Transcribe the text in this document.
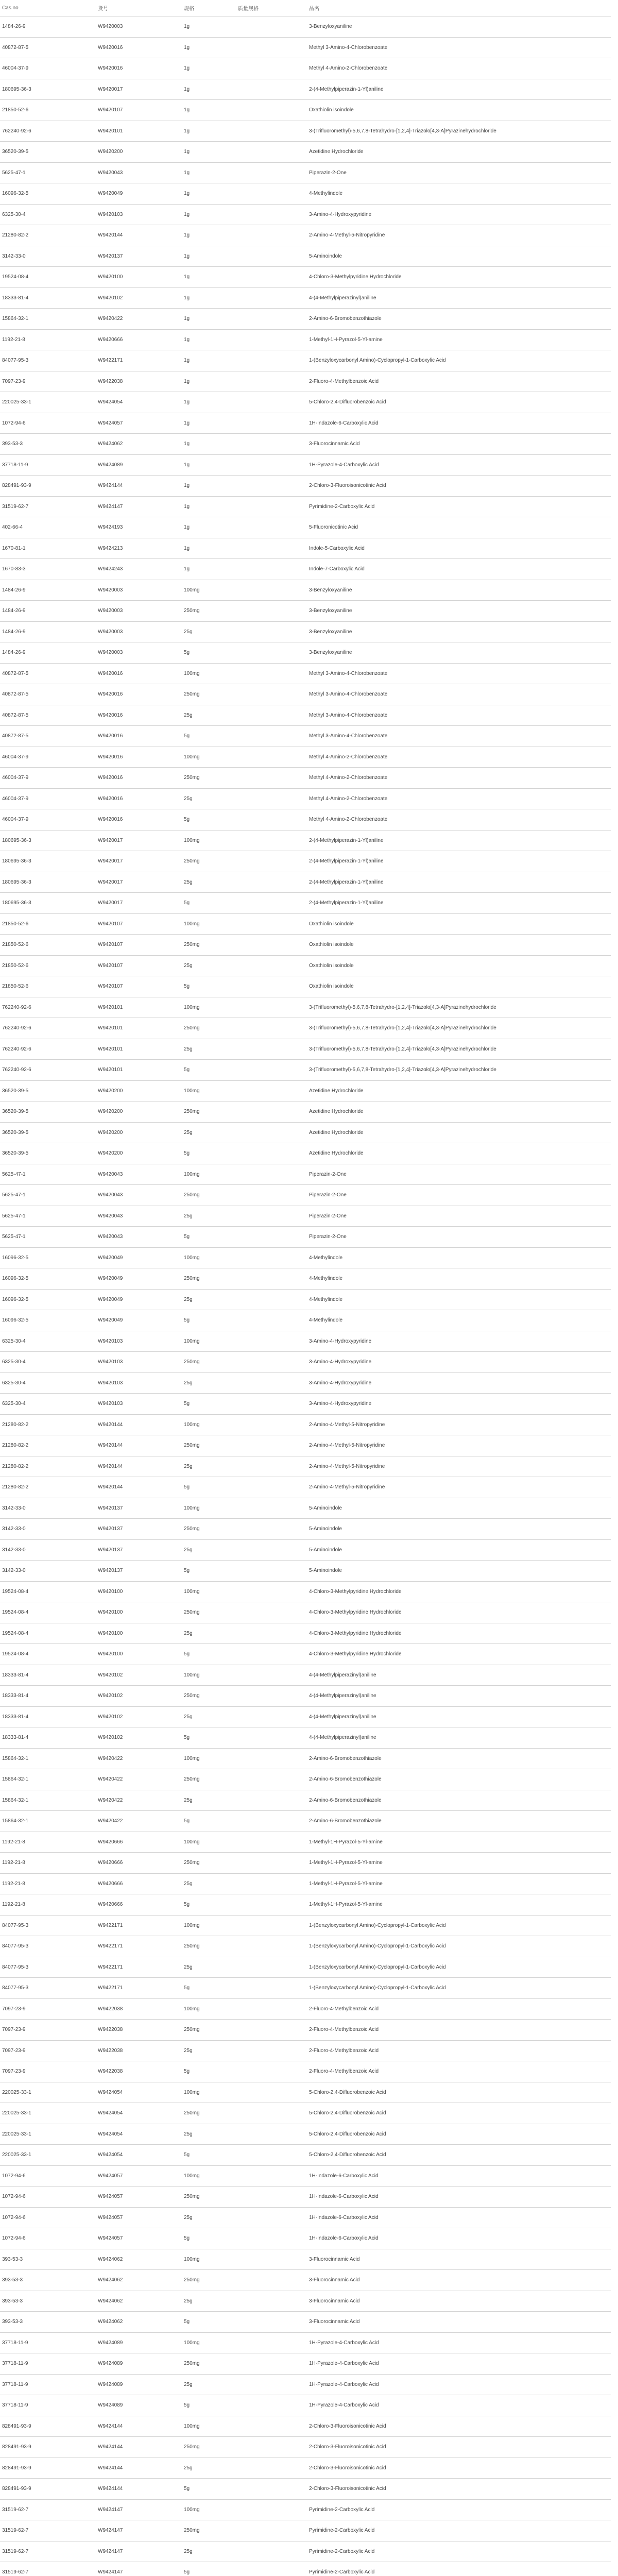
Cas.no	货号	规格	质量规格	品名
1484-26-9	W9420003	1g		3-Benzyloxyaniline
40872-87-5	W9420016	1g		Methyl 3-Amino-4-Chlorobenzoate
46004-37-9	W9420016	1g		Methyl 4-Amino-2-Chlorobenzoate
180695-36-3	W9420017	1g		2-(4-Methylpiperazin-1-Yl)aniline
21850-52-6	W9420107	1g		Oxathiolin isoindole
762240-92-6	W9420101	1g		3-(Trifluoromethyl)-5,6,7,8-Tetrahydro-[1,2,4]-Triazolo[4,3-A]Pyrazinehydrochloride
36520-39-5	W9420200	1g		Azetidine Hydrochloride
5625-47-1	W9420043	1g		Piperazin-2-One
16096-32-5	W9420049	1g		4-Methylindole
6325-30-4	W9420103	1g		3-Amino-4-Hydroxypyridine
21280-82-2	W9420144	1g		2-Amino-4-Methyl-5-Nitropyridine
3142-33-0	W9420137	1g		5-Aminoindole
19524-08-4	W9420100	1g		4-Chloro-3-Methylpyridine Hydrochloride
18333-81-4	W9420102	1g		4-(4-Methylpiperazinyl)aniline
15864-32-1	W9420422	1g		2-Amino-6-Bromobenzothiazole
1192-21-8	W9420666	1g		1-Methyl-1H-Pyrazol-5-Yl-amine
84077-95-3	W9422171	1g		1-(Benzyloxycarbonyl Amino)-Cyclopropyl-1-Carboxylic Acid
7097-23-9	W9422038	1g		2-Fluoro-4-Methylbenzoic Acid
220025-33-1	W9424054	1g		5-Chloro-2,4-Difluorobenzoic Acid
1072-94-6	W9424057	1g		1H-Indazole-6-Carboxylic Acid
393-53-3	W9424062	1g		3-Fluorocinnamic Acid
37718-11-9	W9424089	1g		1H-Pyrazole-4-Carboxylic Acid
828491-93-9	W9424144	1g		2-Chloro-3-Fluoroisonicotinic Acid
31519-62-7	W9424147	1g		Pyrimidine-2-Carboxylic Acid
402-66-4	W9424193	1g		5-Fluoronicotinic Acid
1670-81-1	W9424213	1g		Indole-5-Carboxylic Acid
1670-83-3	W9424243	1g		Indole-7-Carboxylic Acid
1484-26-9	W9420003	100mg		3-Benzyloxyaniline
1484-26-9	W9420003	250mg		3-Benzyloxyaniline
1484-26-9	W9420003	25g		3-Benzyloxyaniline
1484-26-9	W9420003	5g		3-Benzyloxyaniline
40872-87-5	W9420016	100mg		Methyl 3-Amino-4-Chlorobenzoate
40872-87-5	W9420016	250mg		Methyl 3-Amino-4-Chlorobenzoate
40872-87-5	W9420016	25g		Methyl 3-Amino-4-Chlorobenzoate
40872-87-5	W9420016	5g		Methyl 3-Amino-4-Chlorobenzoate
46004-37-9	W9420016	100mg		Methyl 4-Amino-2-Chlorobenzoate
46004-37-9	W9420016	250mg		Methyl 4-Amino-2-Chlorobenzoate
46004-37-9	W9420016	25g		Methyl 4-Amino-2-Chlorobenzoate
46004-37-9	W9420016	5g		Methyl 4-Amino-2-Chlorobenzoate
180695-36-3	W9420017	100mg		2-(4-Methylpiperazin-1-Yl)aniline
180695-36-3	W9420017	250mg		2-(4-Methylpiperazin-1-Yl)aniline
180695-36-3	W9420017	25g		2-(4-Methylpiperazin-1-Yl)aniline
180695-36-3	W9420017	5g		2-(4-Methylpiperazin-1-Yl)aniline
21850-52-6	W9420107	100mg		Oxathiolin isoindole
21850-52-6	W9420107	250mg		Oxathiolin isoindole
21850-52-6	W9420107	25g		Oxathiolin isoindole
21850-52-6	W9420107	5g		Oxathiolin isoindole
762240-92-6	W9420101	100mg		3-(Trifluoromethyl)-5,6,7,8-Tetrahydro-[1,2,4]-Triazolo[4,3-A]Pyrazinehydrochloride
762240-92-6	W9420101	250mg		3-(Trifluoromethyl)-5,6,7,8-Tetrahydro-[1,2,4]-Triazolo[4,3-A]Pyrazinehydrochloride
762240-92-6	W9420101	25g		3-(Trifluoromethyl)-5,6,7,8-Tetrahydro-[1,2,4]-Triazolo[4,3-A]Pyrazinehydrochloride
762240-92-6	W9420101	5g		3-(Trifluoromethyl)-5,6,7,8-Tetrahydro-[1,2,4]-Triazolo[4,3-A]Pyrazinehydrochloride
36520-39-5	W9420200	100mg		Azetidine Hydrochloride
36520-39-5	W9420200	250mg		Azetidine Hydrochloride
36520-39-5	W9420200	25g		Azetidine Hydrochloride
36520-39-5	W9420200	5g		Azetidine Hydrochloride
5625-47-1	W9420043	100mg		Piperazin-2-One
5625-47-1	W9420043	250mg		Piperazin-2-One
5625-47-1	W9420043	25g		Piperazin-2-One
5625-47-1	W9420043	5g		Piperazin-2-One
16096-32-5	W9420049	100mg		4-Methylindole
16096-32-5	W9420049	250mg		4-Methylindole
16096-32-5	W9420049	25g		4-Methylindole
16096-32-5	W9420049	5g		4-Methylindole
6325-30-4	W9420103	100mg		3-Amino-4-Hydroxypyridine
6325-30-4	W9420103	250mg		3-Amino-4-Hydroxypyridine
6325-30-4	W9420103	25g		3-Amino-4-Hydroxypyridine
6325-30-4	W9420103	5g		3-Amino-4-Hydroxypyridine
21280-82-2	W9420144	100mg		2-Amino-4-Methyl-5-Nitropyridine
21280-82-2	W9420144	250mg		2-Amino-4-Methyl-5-Nitropyridine
21280-82-2	W9420144	25g		2-Amino-4-Methyl-5-Nitropyridine
21280-82-2	W9420144	5g		2-Amino-4-Methyl-5-Nitropyridine
3142-33-0	W9420137	100mg		5-Aminoindole
3142-33-0	W9420137	250mg		5-Aminoindole
3142-33-0	W9420137	25g		5-Aminoindole
3142-33-0	W9420137	5g		5-Aminoindole
19524-08-4	W9420100	100mg		4-Chloro-3-Methylpyridine Hydrochloride
19524-08-4	W9420100	250mg		4-Chloro-3-Methylpyridine Hydrochloride
19524-08-4	W9420100	25g		4-Chloro-3-Methylpyridine Hydrochloride
19524-08-4	W9420100	5g		4-Chloro-3-Methylpyridine Hydrochloride
18333-81-4	W9420102	100mg		4-(4-Methylpiperazinyl)aniline
18333-81-4	W9420102	250mg		4-(4-Methylpiperazinyl)aniline
18333-81-4	W9420102	25g		4-(4-Methylpiperazinyl)aniline
18333-81-4	W9420102	5g		4-(4-Methylpiperazinyl)aniline
15864-32-1	W9420422	100mg		2-Amino-6-Bromobenzothiazole
15864-32-1	W9420422	250mg		2-Amino-6-Bromobenzothiazole
15864-32-1	W9420422	25g		2-Amino-6-Bromobenzothiazole
15864-32-1	W9420422	5g		2-Amino-6-Bromobenzothiazole
1192-21-8	W9420666	100mg		1-Methyl-1H-Pyrazol-5-Yl-amine
1192-21-8	W9420666	250mg		1-Methyl-1H-Pyrazol-5-Yl-amine
1192-21-8	W9420666	25g		1-Methyl-1H-Pyrazol-5-Yl-amine
1192-21-8	W9420666	5g		1-Methyl-1H-Pyrazol-5-Yl-amine
84077-95-3	W9422171	100mg		1-(Benzyloxycarbonyl Amino)-Cyclopropyl-1-Carboxylic Acid
84077-95-3	W9422171	250mg		1-(Benzyloxycarbonyl Amino)-Cyclopropyl-1-Carboxylic Acid
84077-95-3	W9422171	25g		1-(Benzyloxycarbonyl Amino)-Cyclopropyl-1-Carboxylic Acid
84077-95-3	W9422171	5g		1-(Benzyloxycarbonyl Amino)-Cyclopropyl-1-Carboxylic Acid
7097-23-9	W9422038	100mg		2-Fluoro-4-Methylbenzoic Acid
7097-23-9	W9422038	250mg		2-Fluoro-4-Methylbenzoic Acid
7097-23-9	W9422038	25g		2-Fluoro-4-Methylbenzoic Acid
7097-23-9	W9422038	5g		2-Fluoro-4-Methylbenzoic Acid
220025-33-1	W9424054	100mg		5-Chloro-2,4-Difluorobenzoic Acid
220025-33-1	W9424054	250mg		5-Chloro-2,4-Difluorobenzoic Acid
220025-33-1	W9424054	25g		5-Chloro-2,4-Difluorobenzoic Acid
220025-33-1	W9424054	5g		5-Chloro-2,4-Difluorobenzoic Acid
1072-94-6	W9424057	100mg		1H-Indazole-6-Carboxylic Acid
1072-94-6	W9424057	250mg		1H-Indazole-6-Carboxylic Acid
1072-94-6	W9424057	25g		1H-Indazole-6-Carboxylic Acid
1072-94-6	W9424057	5g		1H-Indazole-6-Carboxylic Acid
393-53-3	W9424062	100mg		3-Fluorocinnamic Acid
393-53-3	W9424062	250mg		3-Fluorocinnamic Acid
393-53-3	W9424062	25g		3-Fluorocinnamic Acid
393-53-3	W9424062	5g		3-Fluorocinnamic Acid
37718-11-9	W9424089	100mg		1H-Pyrazole-4-Carboxylic Acid
37718-11-9	W9424089	250mg		1H-Pyrazole-4-Carboxylic Acid
37718-11-9	W9424089	25g		1H-Pyrazole-4-Carboxylic Acid
37718-11-9	W9424089	5g		1H-Pyrazole-4-Carboxylic Acid
828491-93-9	W9424144	100mg		2-Chloro-3-Fluoroisonicotinic Acid
828491-93-9	W9424144	250mg		2-Chloro-3-Fluoroisonicotinic Acid
828491-93-9	W9424144	25g		2-Chloro-3-Fluoroisonicotinic Acid
828491-93-9	W9424144	5g		2-Chloro-3-Fluoroisonicotinic Acid
31519-62-7	W9424147	100mg		Pyrimidine-2-Carboxylic Acid
31519-62-7	W9424147	250mg		Pyrimidine-2-Carboxylic Acid
31519-62-7	W9424147	25g		Pyrimidine-2-Carboxylic Acid
31519-62-7	W9424147	5g		Pyrimidine-2-Carboxylic Acid
